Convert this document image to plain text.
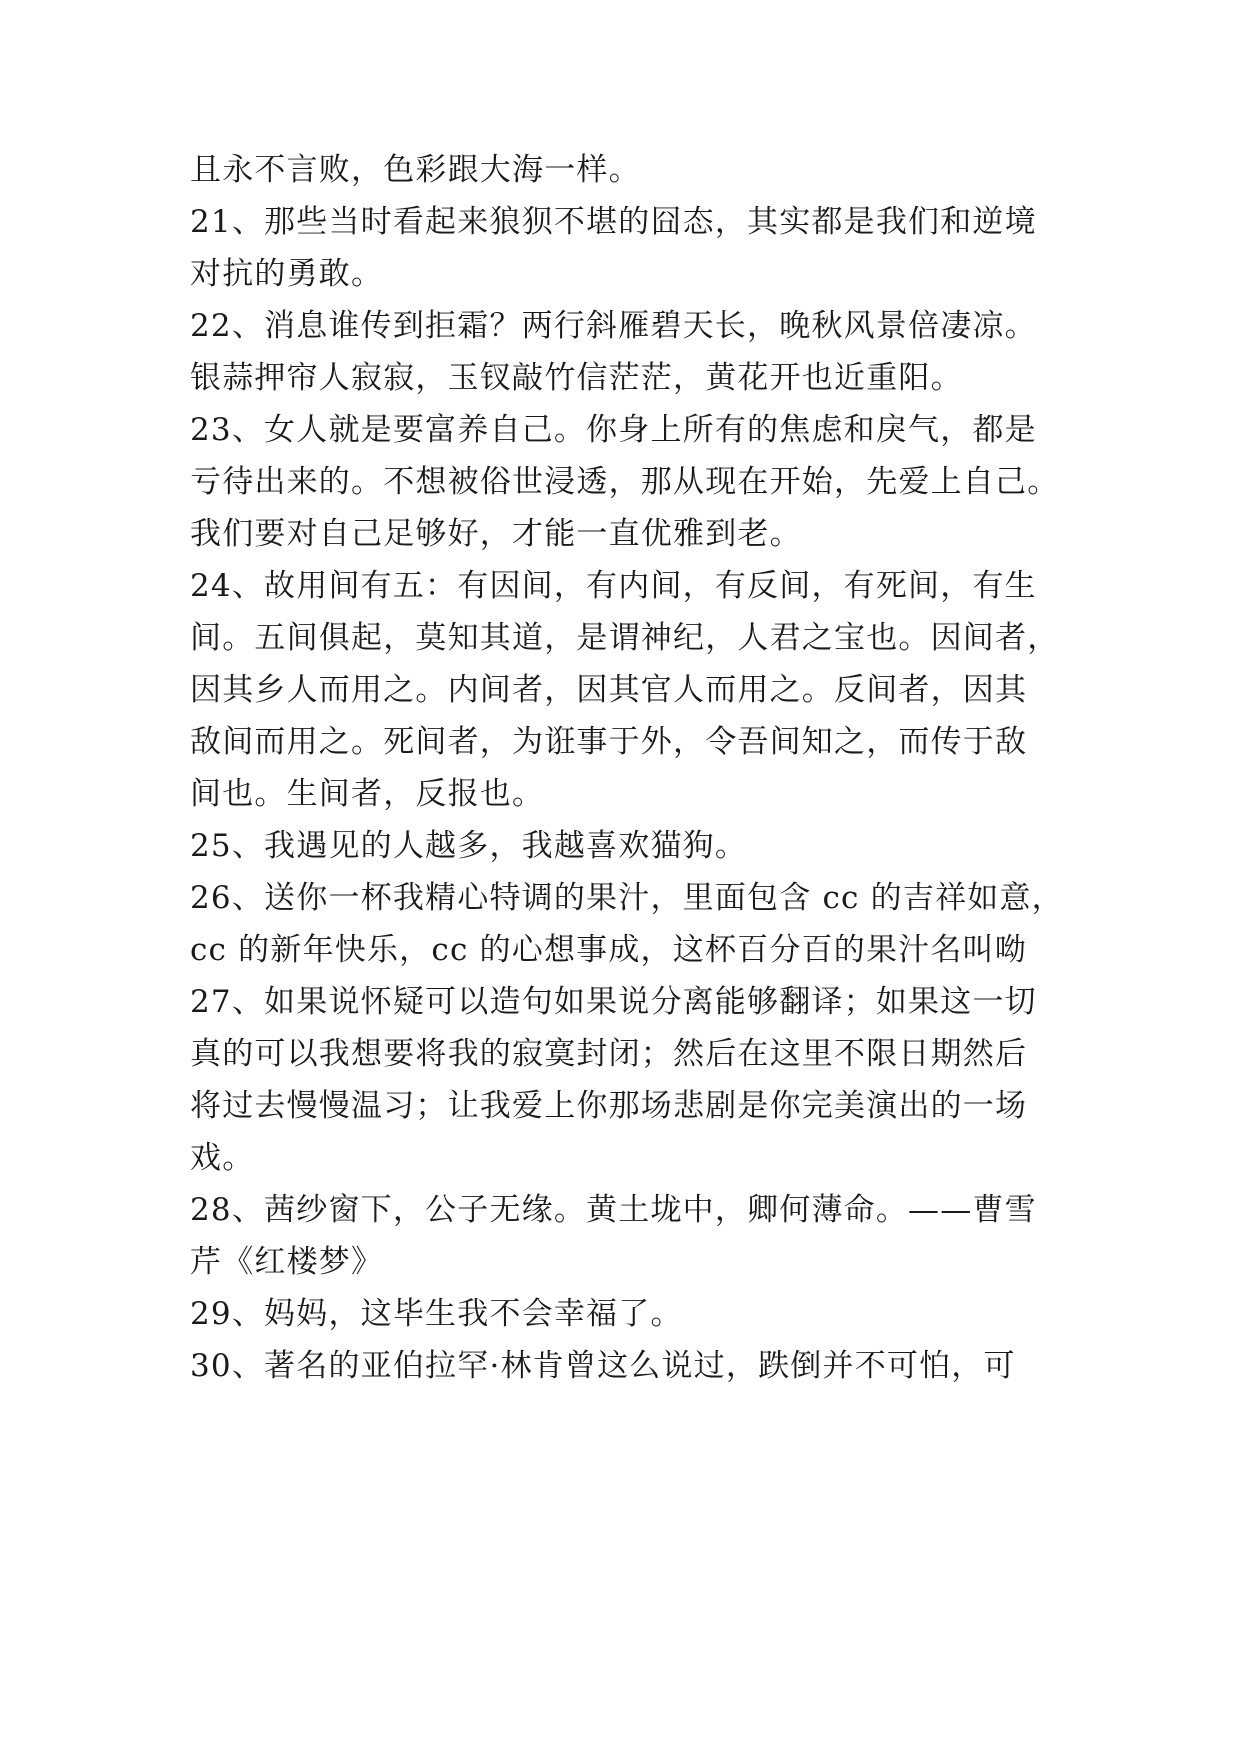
且永不言败，色彩跟大海一样。
21、那些当时看起来狼狈不堪的囧态，其实都是我们和逆境
对抗的勇敢。
22、消息谁传到拒霜？两行斜雁碧天长，晚秋风景倍凄凉。
银蒜押帘人寂寂，玉钗敲竹信茫茫，黄花开也近重阳。
23、女人就是要富养自己。你身上所有的焦虑和戾气，都是
亏待出来的。不想被俗世浸透，那从现在开始，先爱上自己。
我们要对自己足够好，才能一直优雅到老。
24、故用间有五：有因间，有内间，有反间，有死间，有生
间。五间俱起，莫知其道，是谓神纪，人君之宝也。因间者，
因其乡人而用之。内间者，因其官人而用之。反间者，因其
敌间而用之。死间者，为诳事于外，令吾间知之，而传于敌
间也。生间者，反报也。
25、我遇见的人越多，我越喜欢猫狗。
26、送你一杯我精心特调的果汁，里面包含 cc 的吉祥如意，
cc 的新年快乐，cc 的心想事成，这杯百分百的果汁名叫呦
27、如果说怀疑可以造句如果说分离能够翻译；如果这一切
真的可以我想要将我的寂寞封闭；然后在这里不限日期然后
将过去慢慢温习；让我爱上你那场悲剧是你完美演出的一场
戏。
28、茜纱窗下，公子无缘。黄土垅中，卿何薄命。——曹雪
芹《红楼梦》
29、妈妈，这毕生我不会幸福了。
30、著名的亚伯拉罕·林肯曾这么说过，跌倒并不可怕，可
